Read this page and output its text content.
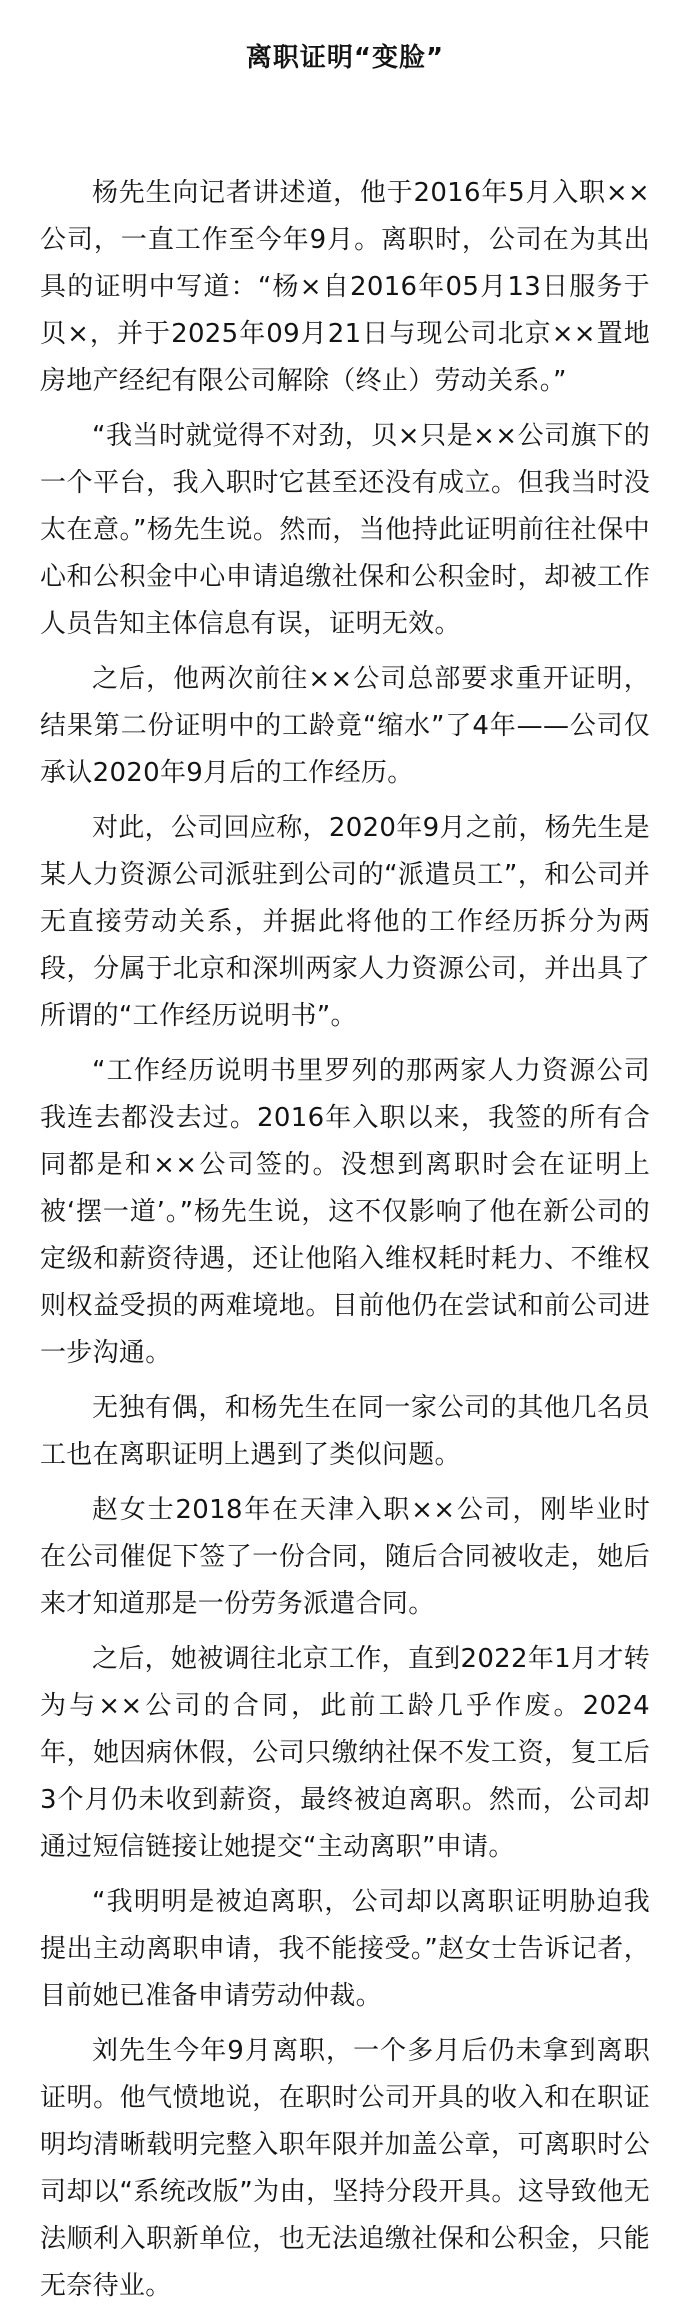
离职证明“变脸”

杨先生向记者讲述道，他于2016年5月入职××公司，一直工作至今年9月。离职时，公司在为其出具的证明中写道：“杨×自2016年05月13日服务于贝×，并于2025年09月21日与现公司北京××置地房地产经纪有限公司解除（终止）劳动关系。”

“我当时就觉得不对劲，贝×只是××公司旗下的一个平台，我入职时它甚至还没有成立。但我当时没太在意。”杨先生说。然而，当他持此证明前往社保中心和公积金中心申请追缴社保和公积金时，却被工作人员告知主体信息有误，证明无效。

之后，他两次前往××公司总部要求重开证明，结果第二份证明中的工龄竟“缩水”了4年——公司仅承认2020年9月后的工作经历。

对此，公司回应称，2020年9月之前，杨先生是某人力资源公司派驻到公司的“派遣员工”，和公司并无直接劳动关系，并据此将他的工作经历拆分为两段，分属于北京和深圳两家人力资源公司，并出具了所谓的“工作经历说明书”。

“工作经历说明书里罗列的那两家人力资源公司我连去都没去过。2016年入职以来，我签的所有合同都是和××公司签的。没想到离职时会在证明上被‘摆一道’。”杨先生说，这不仅影响了他在新公司的定级和薪资待遇，还让他陷入维权耗时耗力、不维权则权益受损的两难境地。目前他仍在尝试和前公司进一步沟通。

无独有偶，和杨先生在同一家公司的其他几名员工也在离职证明上遇到了类似问题。

赵女士2018年在天津入职××公司，刚毕业时在公司催促下签了一份合同，随后合同被收走，她后来才知道那是一份劳务派遣合同。

之后，她被调往北京工作，直到2022年1月才转为与××公司的合同，此前工龄几乎作废。2024年，她因病休假，公司只缴纳社保不发工资，复工后3个月仍未收到薪资，最终被迫离职。然而，公司却通过短信链接让她提交“主动离职”申请。

“我明明是被迫离职，公司却以离职证明胁迫我提出主动离职申请，我不能接受。”赵女士告诉记者，目前她已准备申请劳动仲裁。

刘先生今年9月离职，一个多月后仍未拿到离职证明。他气愤地说，在职时公司开具的收入和在职证明均清晰载明完整入职年限并加盖公章，可离职时公司却以“系统改版”为由，坚持分段开具。这导致他无法顺利入职新单位，也无法追缴社保和公积金，只能无奈待业。
